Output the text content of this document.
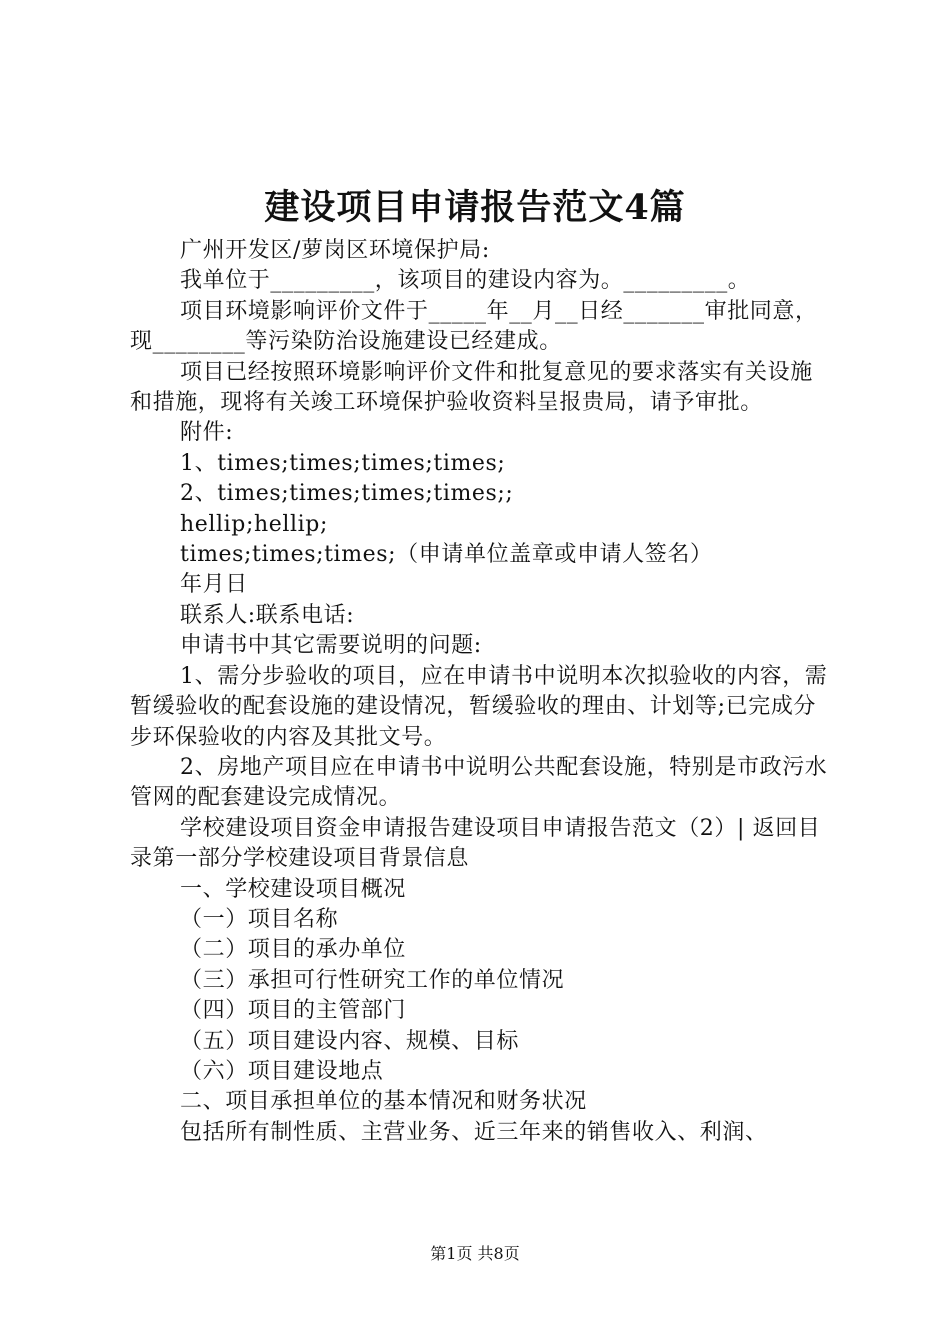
建设项目申请报告范文4篇

广州开发区/萝岗区环境保护局:

我单位于_________，该项目的建设内容为。_________。

项目环境影响评价文件于_____年__月__日经_______审批同意，现________等污染防治设施建设已经建成。

项目已经按照环境影响评价文件和批复意见的要求落实有关设施和措施，现将有关竣工环境保护验收资料呈报贵局，请予审批。

附件:

1、times;times;times;times;

2、times;times;times;times;;

hellip;hellip;

times;times;times;（申请单位盖章或申请人签名）

年月日

联系人:联系电话:

申请书中其它需要说明的问题:

1、需分步验收的项目，应在申请书中说明本次拟验收的内容，需暂缓验收的配套设施的建设情况，暂缓验收的理由、计划等;已完成分步环保验收的内容及其批文号。

2、房地产项目应在申请书中说明公共配套设施，特别是市政污水管网的配套建设完成情况。

学校建设项目资金申请报告建设项目申请报告范文（2）| 返回目录第一部分学校建设项目背景信息

一、学校建设项目概况

（一）项目名称

（二）项目的承办单位

（三）承担可行性研究工作的单位情况

（四）项目的主管部门

（五）项目建设内容、规模、目标

（六）项目建设地点

二、项目承担单位的基本情况和财务状况

包括所有制性质、主营业务、近三年来的销售收入、利润、

第1页 共8页
